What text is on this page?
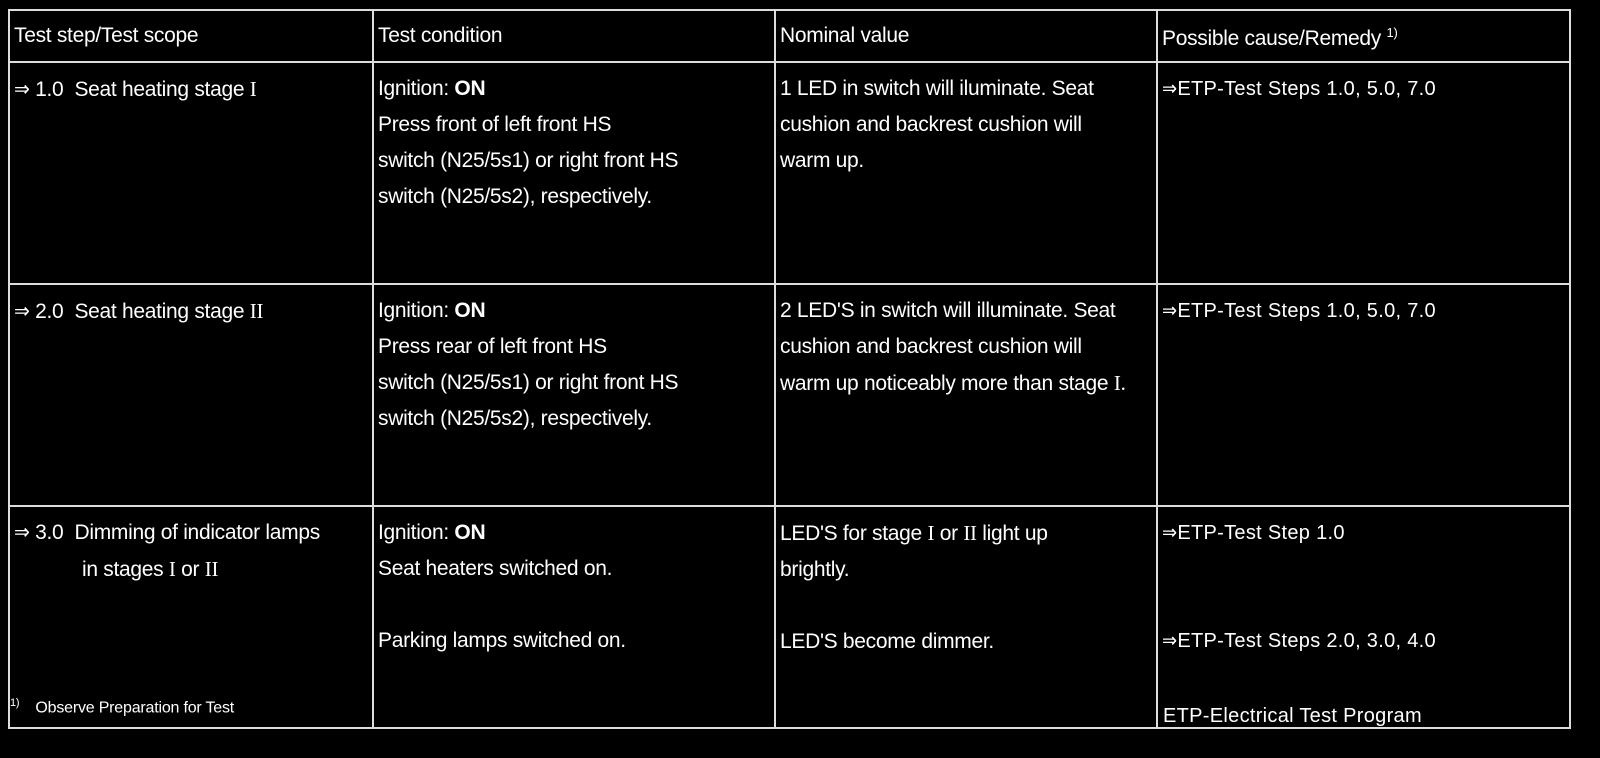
Test step/Test scope	Test condition	Nominal value	Possible cause/Remedy $^{1)}$

⇒ 1.0 Seat heating stage I	Ignition: ON
Press front of left front HS
switch (N25/5s1) or right front HS
switch (N25/5s2), respectively.	1 LED in switch will iluminate. Seat
cushion and backrest cushion will
warm up.	⇒ETP-Test Steps 1.0, 5.0, 7.0

⇒ 2.0 Seat heating stage II	Ignition: ON
Press rear of left front HS
switch (N25/5s1) or right front HS
switch (N25/5s2), respectively.	2 LED'S in switch will illuminate. Seat
cushion and backrest cushion will
warm up noticeably more than stage I.	⇒ETP-Test Steps 1.0, 5.0, 7.0

⇒ 3.0 Dimming of indicator lamps
in stages I or II	Ignition: ON
Seat heaters switched on.
Parking lamps switched on.	LED'S for stage I or II light up
brightly.
LED'S become dimmer.	⇒ETP-Test Step 1.0
⇒ETP-Test Steps 2.0, 3.0, 4.0
$^{1)}$ Observe Preparation for Test	ETP-Electrical Test Program
